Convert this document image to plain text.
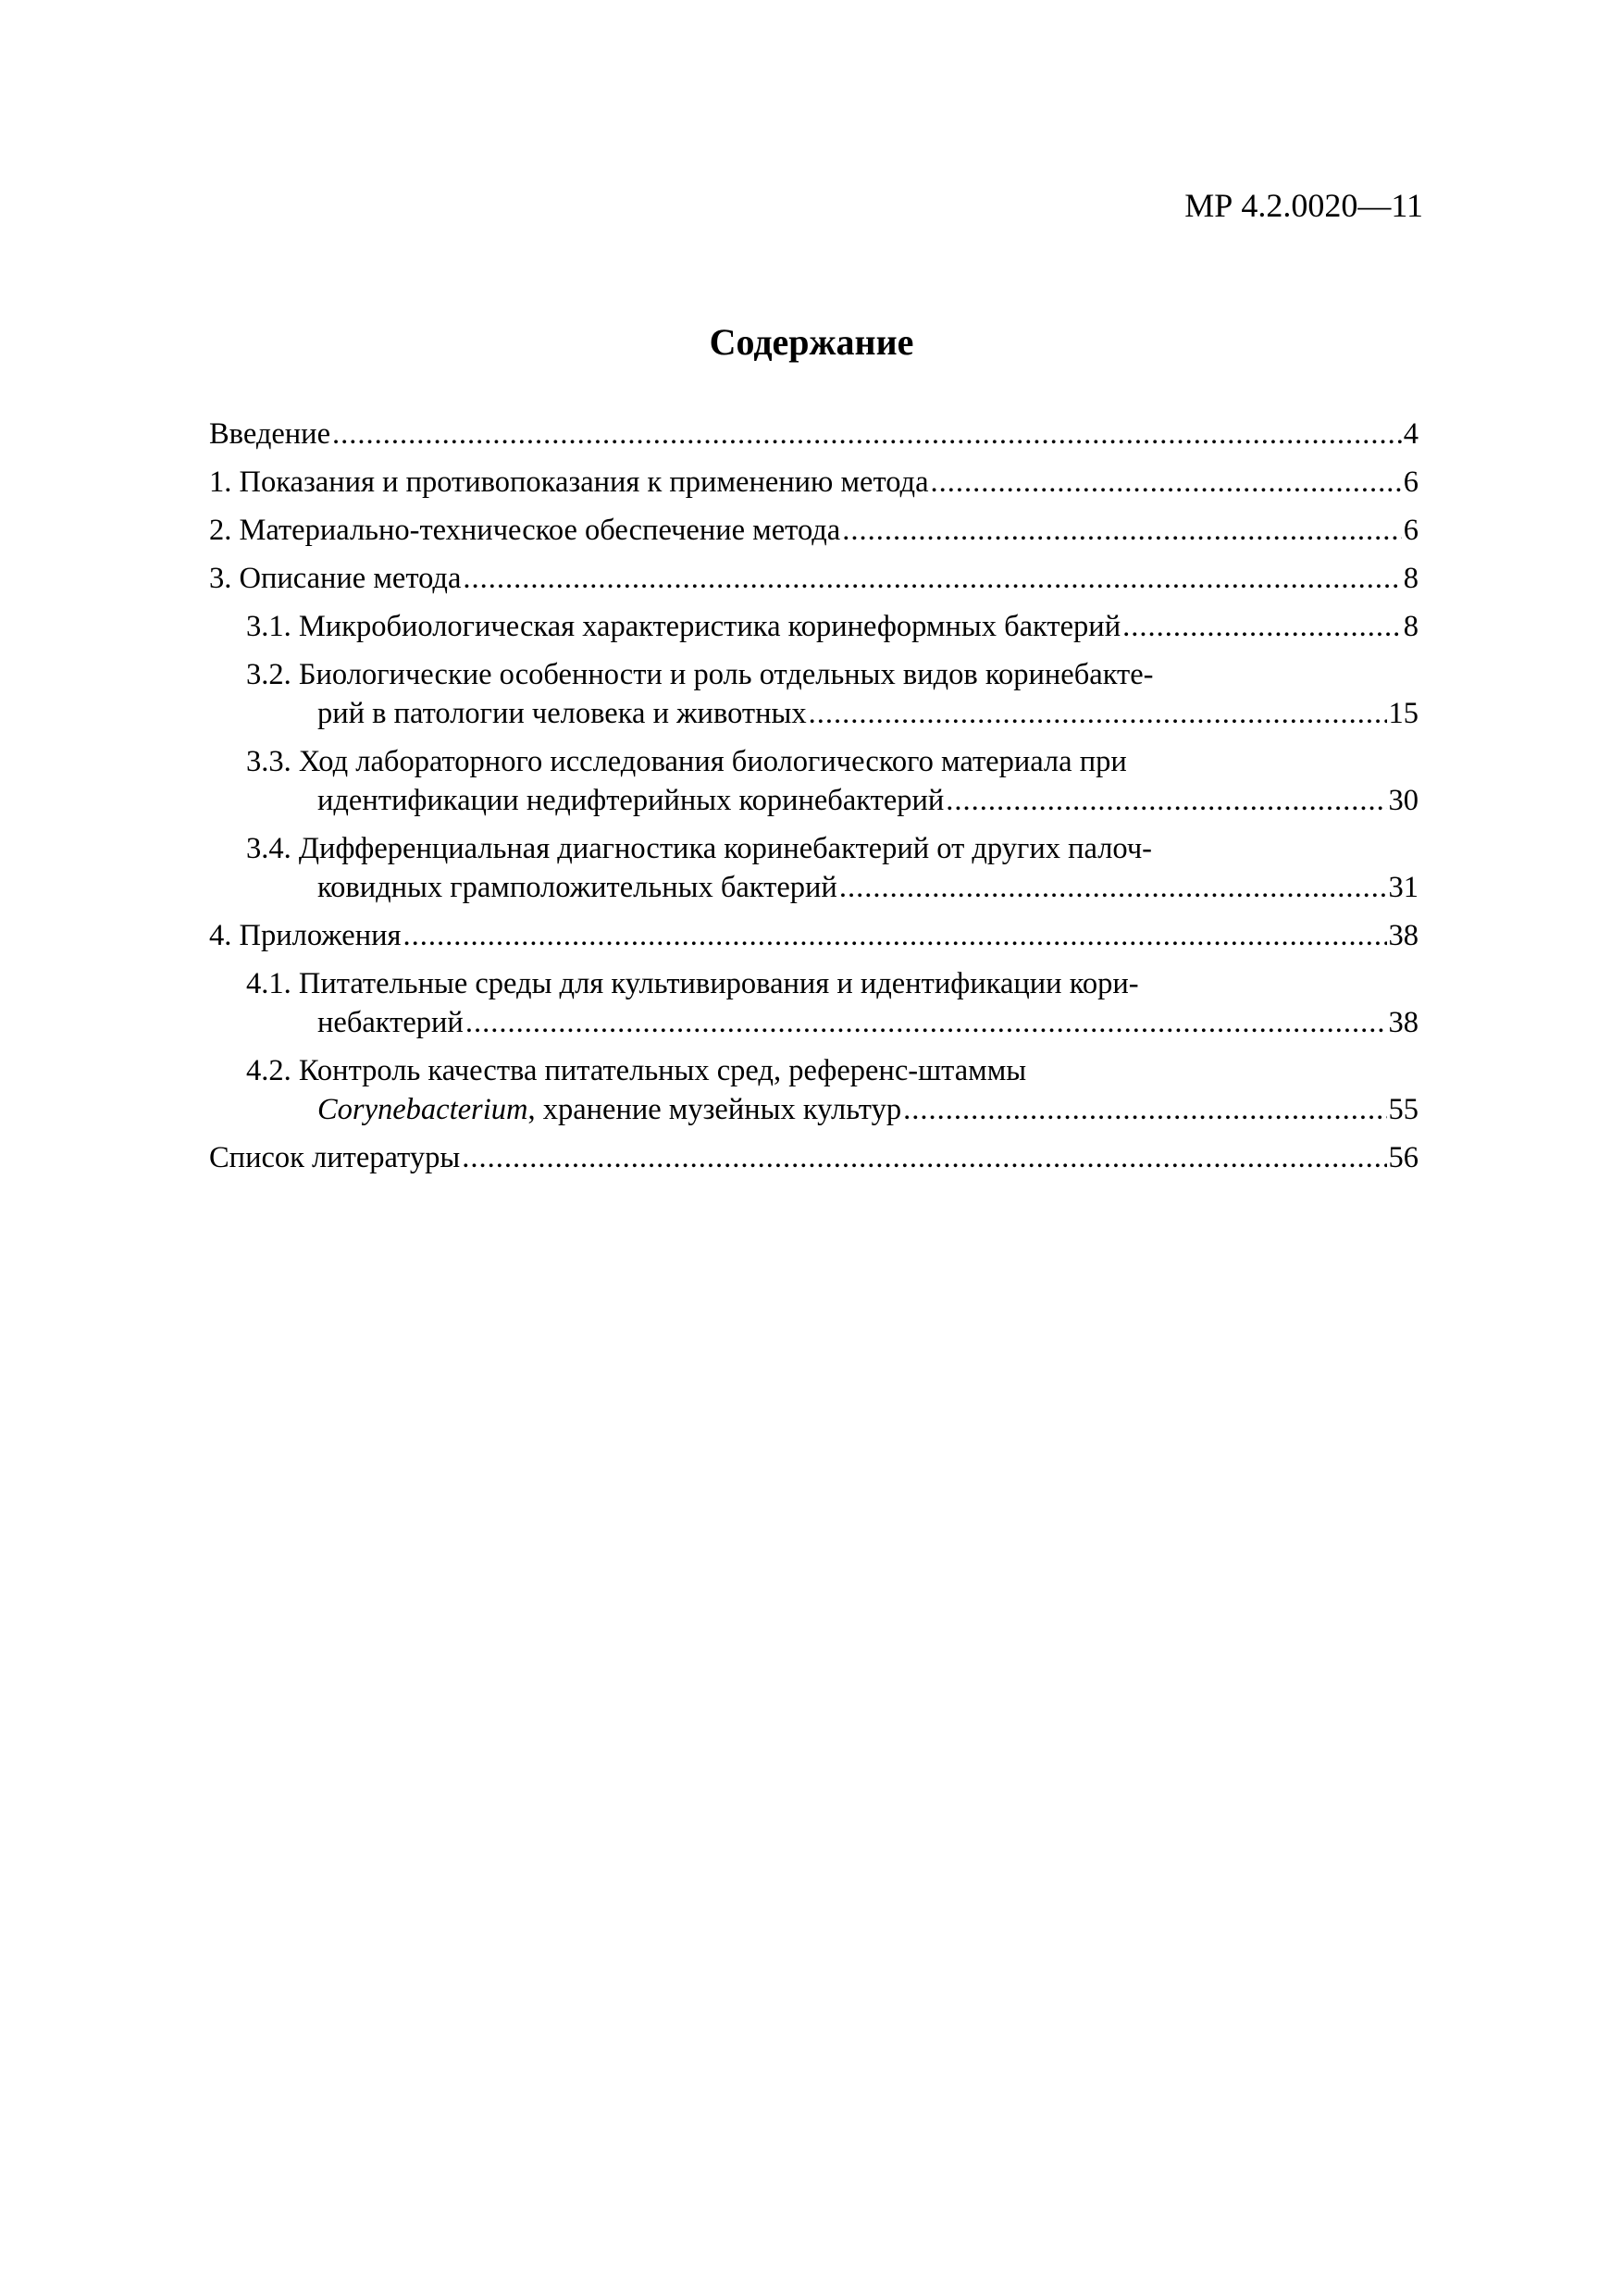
МР 4.2.0020—11
Содержание
Введение .....	4
1. Показания и противопоказания к применению метода .....	6
2. Материально-техническое обеспечение метода .....	6
3. Описание метода .....	8
3.1. Микробиологическая характеристика коринеформных бактерий .....	8
3.2. Биологические особенности и роль отдельных видов коринебакте-
рий в патологии человека и животных .....	15
3.3. Ход лабораторного исследования биологического материала при
идентификации недифтерийных коринебактерий .....	30
3.4. Дифференциальная диагностика коринебактерий от других палоч-
ковидных грамположительных бактерий .....	31
4. Приложения .....	38
4.1. Питательные среды для культивирования и идентификации кори-
небактерий .....	38
4.2. Контроль качества питательных сред, референс-штаммы
Corynebacterium, хранение музейных культур .....	55
Список литературы .....	56
